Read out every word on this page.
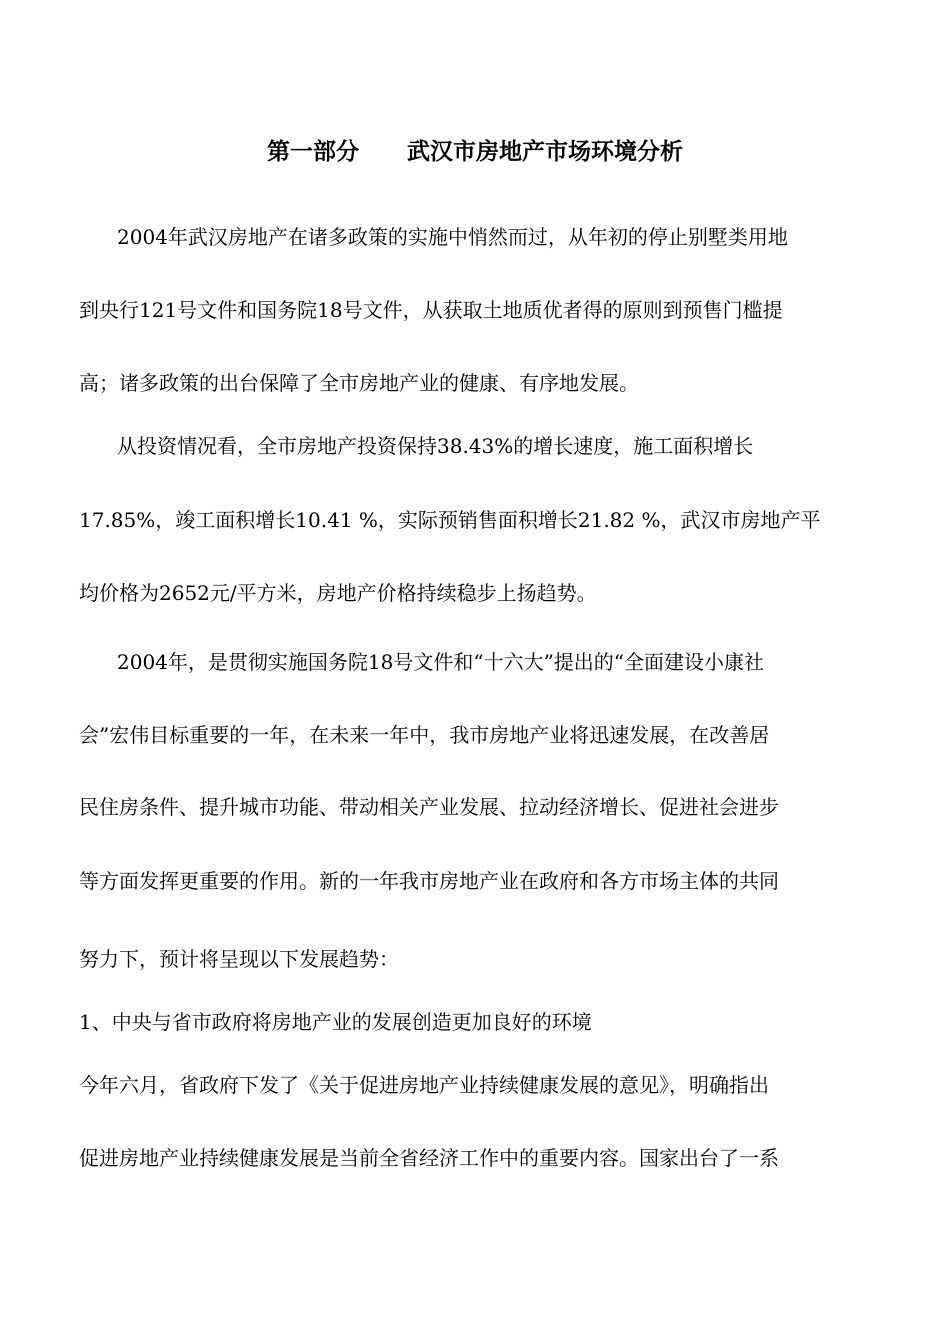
第一部分      武汉市房地产市场环境分析
2004年武汉房地产在诸多政策的实施中悄然而过，从年初的停止别墅类用地
到央行121号文件和国务院18号文件，从获取土地质优者得的原则到预售门槛提
高；诸多政策的出台保障了全市房地产业的健康、有序地发展。
从投资情况看，全市房地产投资保持38.43%的增长速度，施工面积增长
17.85%，竣工面积增长10.41 %，实际预销售面积增长21.82 %，武汉市房地产平
均价格为2652元/平方米，房地产价格持续稳步上扬趋势。
2004年，是贯彻实施国务院18号文件和“十六大”提出的“全面建设小康社
会”宏伟目标重要的一年，在未来一年中，我市房地产业将迅速发展，在改善居
民住房条件、提升城市功能、带动相关产业发展、拉动经济增长、促进社会进步
等方面发挥更重要的作用。新的一年我市房地产业在政府和各方市场主体的共同
努力下，预计将呈现以下发展趋势：
1、中央与省市政府将房地产业的发展创造更加良好的环境
今年六月，省政府下发了《关于促进房地产业持续健康发展的意见》，明确指出
促进房地产业持续健康发展是当前全省经济工作中的重要内容。国家出台了一系
